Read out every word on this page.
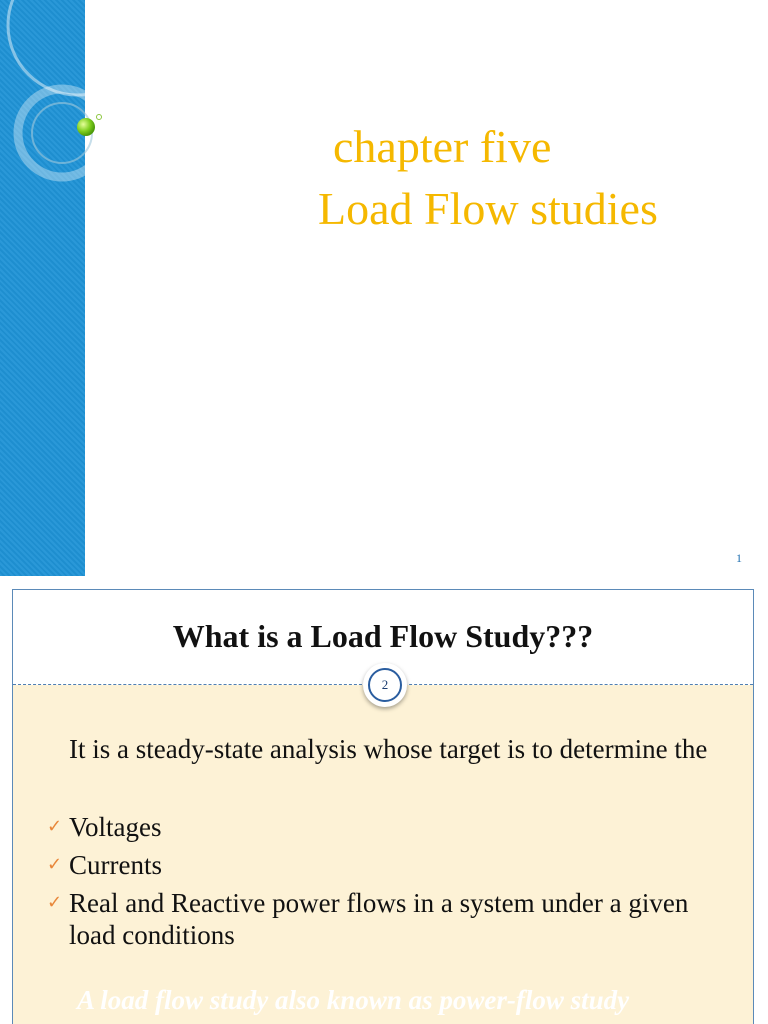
chapter five
Load Flow studies
1
What is a Load Flow Study???
It is a steady-state analysis whose target is to determine the
✓ Voltages
✓ Currents
✓ Real and Reactive power flows in a system under a given load conditions
A load flow study also known as power-flow study
2
